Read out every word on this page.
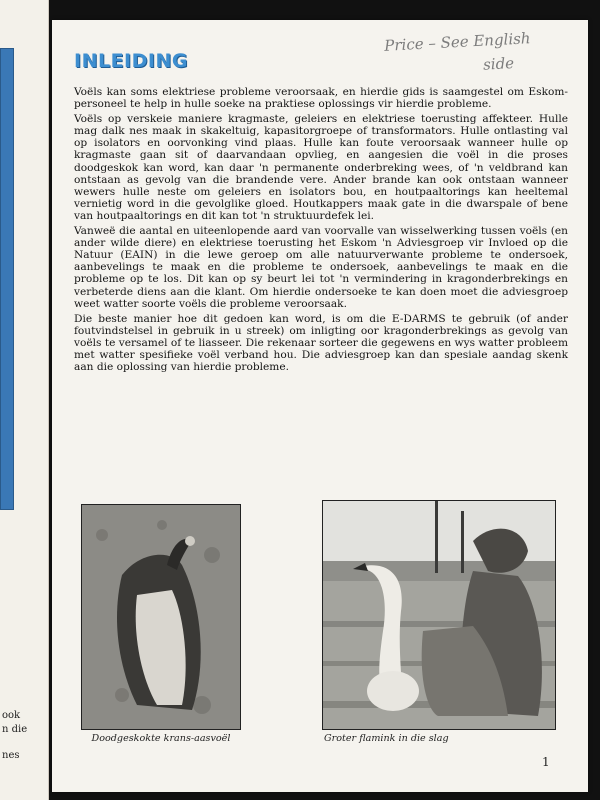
ook
n die
nes
Price – See English
side
INLEIDING

Voëls kan soms elektriese probleme veroorsaak, en hierdie gids is saamgestel om Eskom-personeel te help in hulle soeke na praktiese oplossings vir hierdie probleme.

Voëls op verskeie maniere kragmaste, geleiers en elektriese toerusting affekteer. Hulle mag dalk nes maak in skakeltuig, kapasitorgroepe of transformators. Hulle ontlasting val op isolators en oorvonking vind plaas. Hulle kan foute veroorsaak wanneer hulle op kragmaste gaan sit of daarvandaan opvlieg, en aangesien die voël in die proses doodgeskok kan word, kan daar 'n permanente onderbreking wees, of 'n veldbrand kan ontstaan as gevolg van die brandende vere. Ander brande kan ook ontstaan wanneer wewers hulle neste om geleiers en isolators bou, en houtpaaltorings kan heeltemal vernietig word in die gevolglike gloed. Houtkappers maak gate in die dwarspale of bene van houtpaaltorings en dit kan tot 'n struktuurdefek lei.

Vanweë die aantal en uiteenlopende aard van voorvalle van wisselwerking tussen voëls (en ander wilde diere) en elektriese toerusting het Eskom 'n Adviesgroep vir Invloed op die Natuur (EAIN) in die lewe geroep om alle natuurverwante probleme te ondersoek, aanbevelings te maak en die probleme te ondersoek, aanbevelings te maak en die probleme op te los. Dit kan op sy beurt lei tot 'n vermindering in kragonderbrekings en verbeterde diens aan die klant. Om hierdie ondersoeke te kan doen moet die adviesgroep weet watter soorte voëls die probleme veroorsaak.

Die beste manier hoe dit gedoen kan word, is om die E-DARMS te gebruik (of ander foutvindstelsel in gebruik in u streek) om inligting oor kragonderbrekings as gevolg van voëls te versamel of te liasseer. Die rekenaar sorteer die gegewens en wys watter probleem met watter spesifieke voël verband hou. Die adviesgroep kan dan spesiale aandag skenk aan die oplossing van hierdie probleme.

Doodgeskokte krans-aasvoël	Groter flamink in die slag
1
